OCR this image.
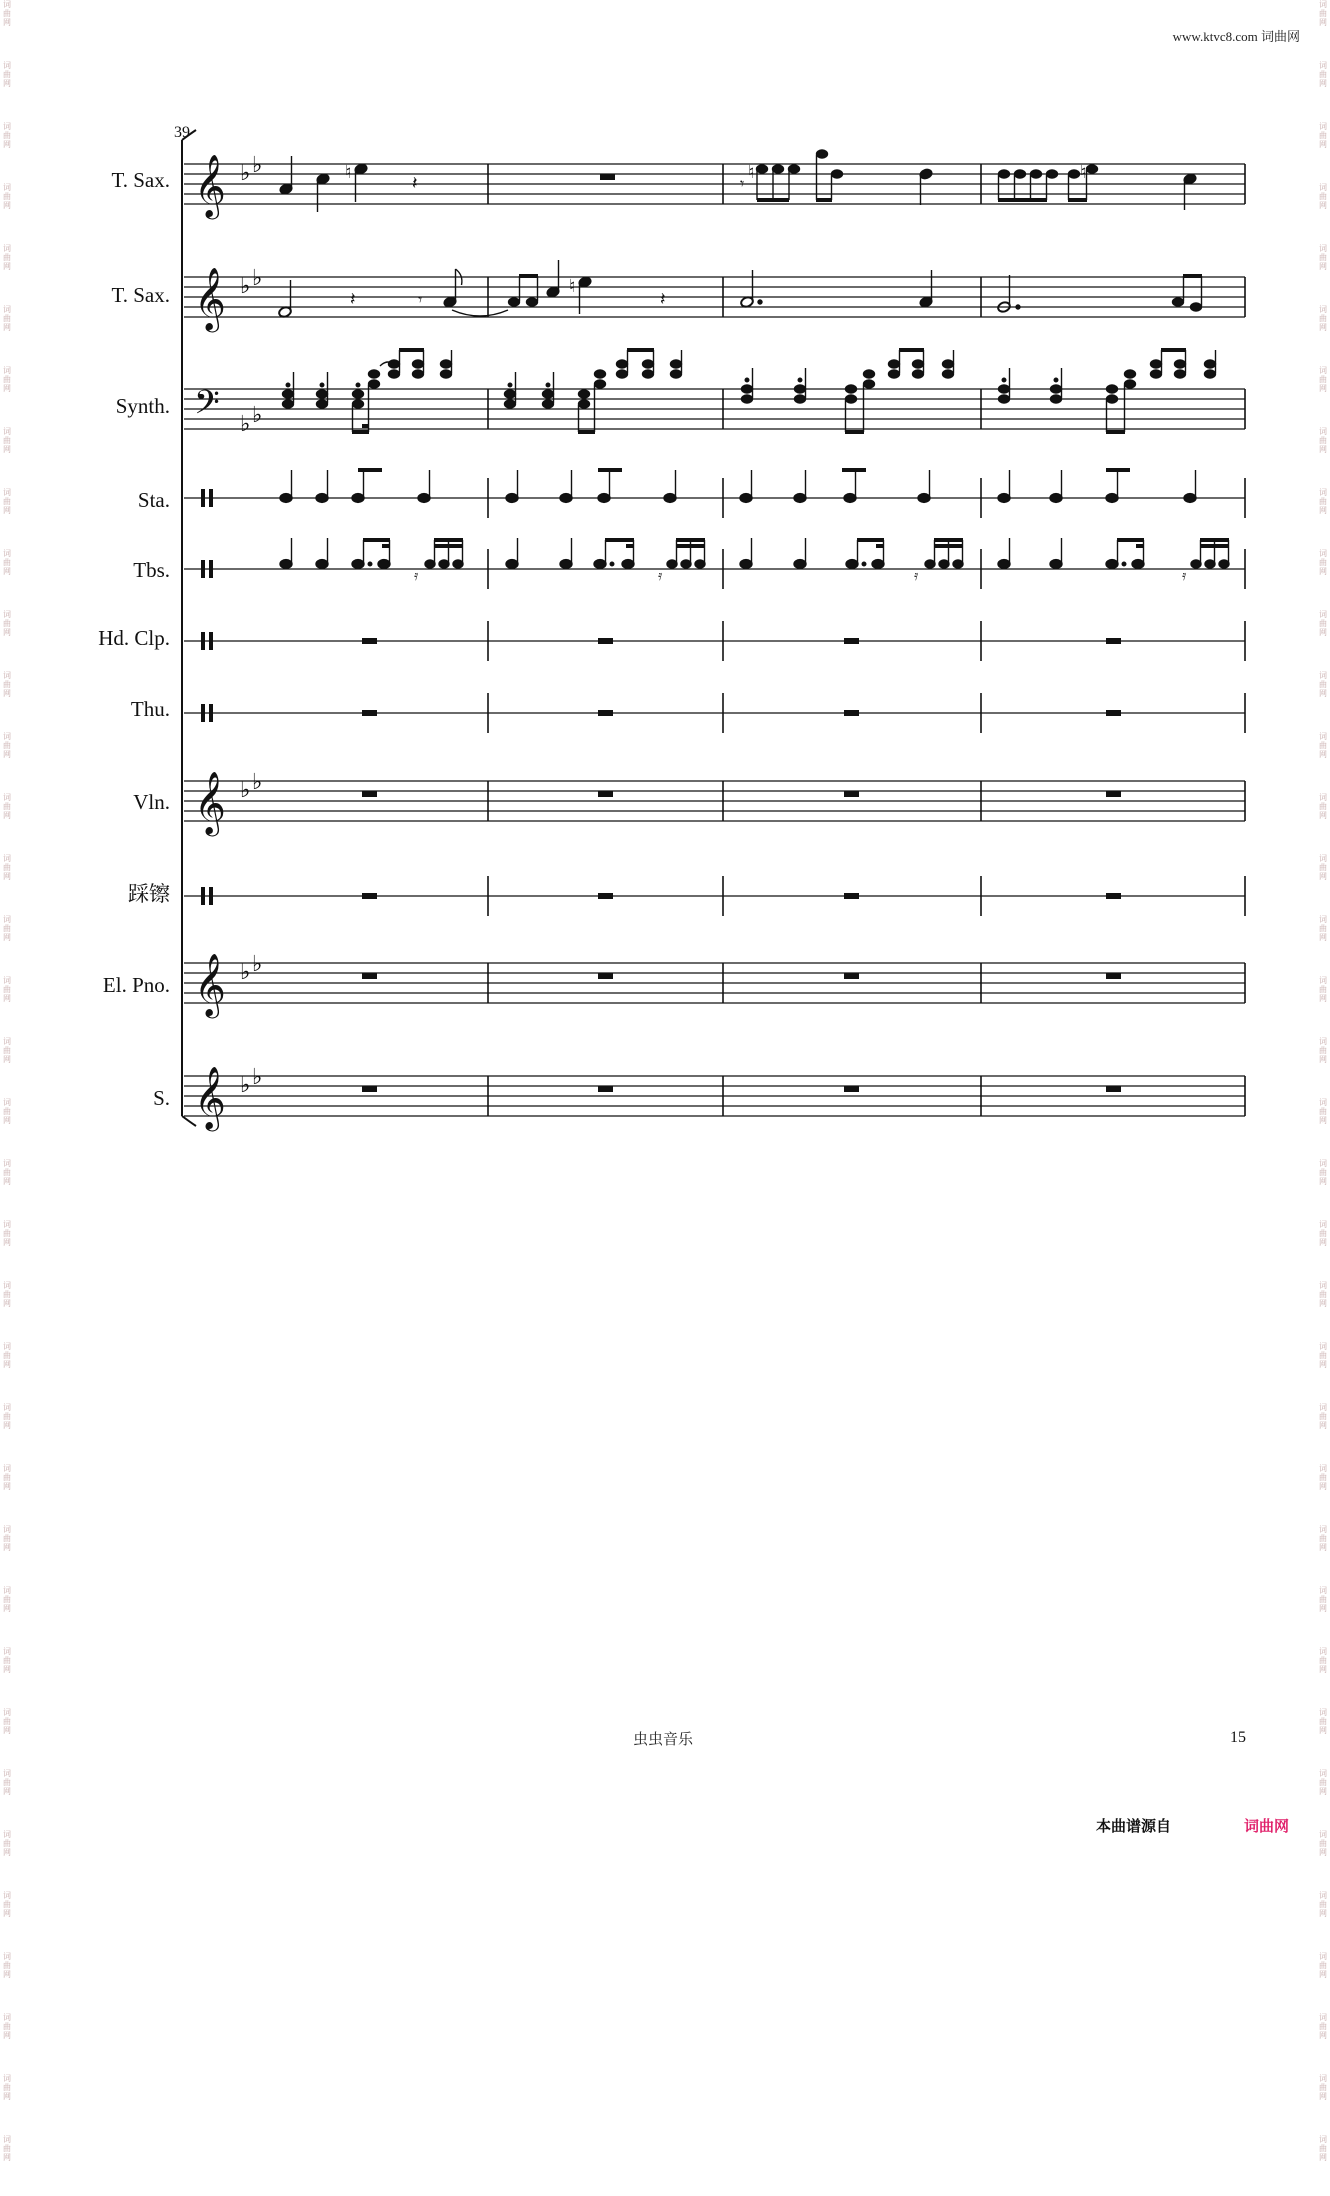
词
曲
网
词
曲
网
词
曲
网
词
曲
网
词
曲
网
词
曲
网
词
曲
网
词
曲
网
词
曲
网
词
曲
网
词
曲
网
词
曲
网
词
曲
网
词
曲
网
词
曲
网
词
曲
网
词
曲
网
词
曲
网
词
曲
网
词
曲
网
词
曲
网
词
曲
网
词
曲
网
词
曲
网
词
曲
网
词
曲
网
词
曲
网
词
曲
网
词
曲
网
词
曲
网
词
曲
网
词
曲
网
词
曲
网
词
曲
网
词
曲
网
词
曲
网
词
曲
网
词
曲
网
词
曲
网
词
曲
网
词
曲
网
词
曲
网
词
曲
网
词
曲
网
词
曲
网
词
曲
网
词
曲
网
词
曲
网
词
曲
网
词
曲
网
词
曲
网
词
曲
网
词
曲
网
词
曲
网
词
曲
网
词
曲
网
词
曲
网
词
曲
网
词
曲
网
词
曲
网
词
曲
网
词
曲
网
词
曲
网
词
曲
网
词
曲
网
词
曲
网
词
曲
网
词
曲
网
词
曲
网
词
曲
网
词
曲
网
词
曲
网
www.ktvc8.com 词曲网
39
T. Sax.
T. Sax.
Synth.
Sta.
Tbs.
Hd. Clp.
Thu.
Vln.
踩镲
El. Pno.
S.
𝄞 ♭ ♭
𝄞 ♭ ♭
𝄢 ♭ ♭
𝄞 ♭ ♭
𝄞 ♭ ♭
𝄞 ♭ ♭
♮
𝄽	𝄾
♮	♮
𝄽	𝄾
♮
𝄽
𝄿	𝄿	𝄿	𝄿
虫虫音乐	15
本曲谱源自	词曲网
